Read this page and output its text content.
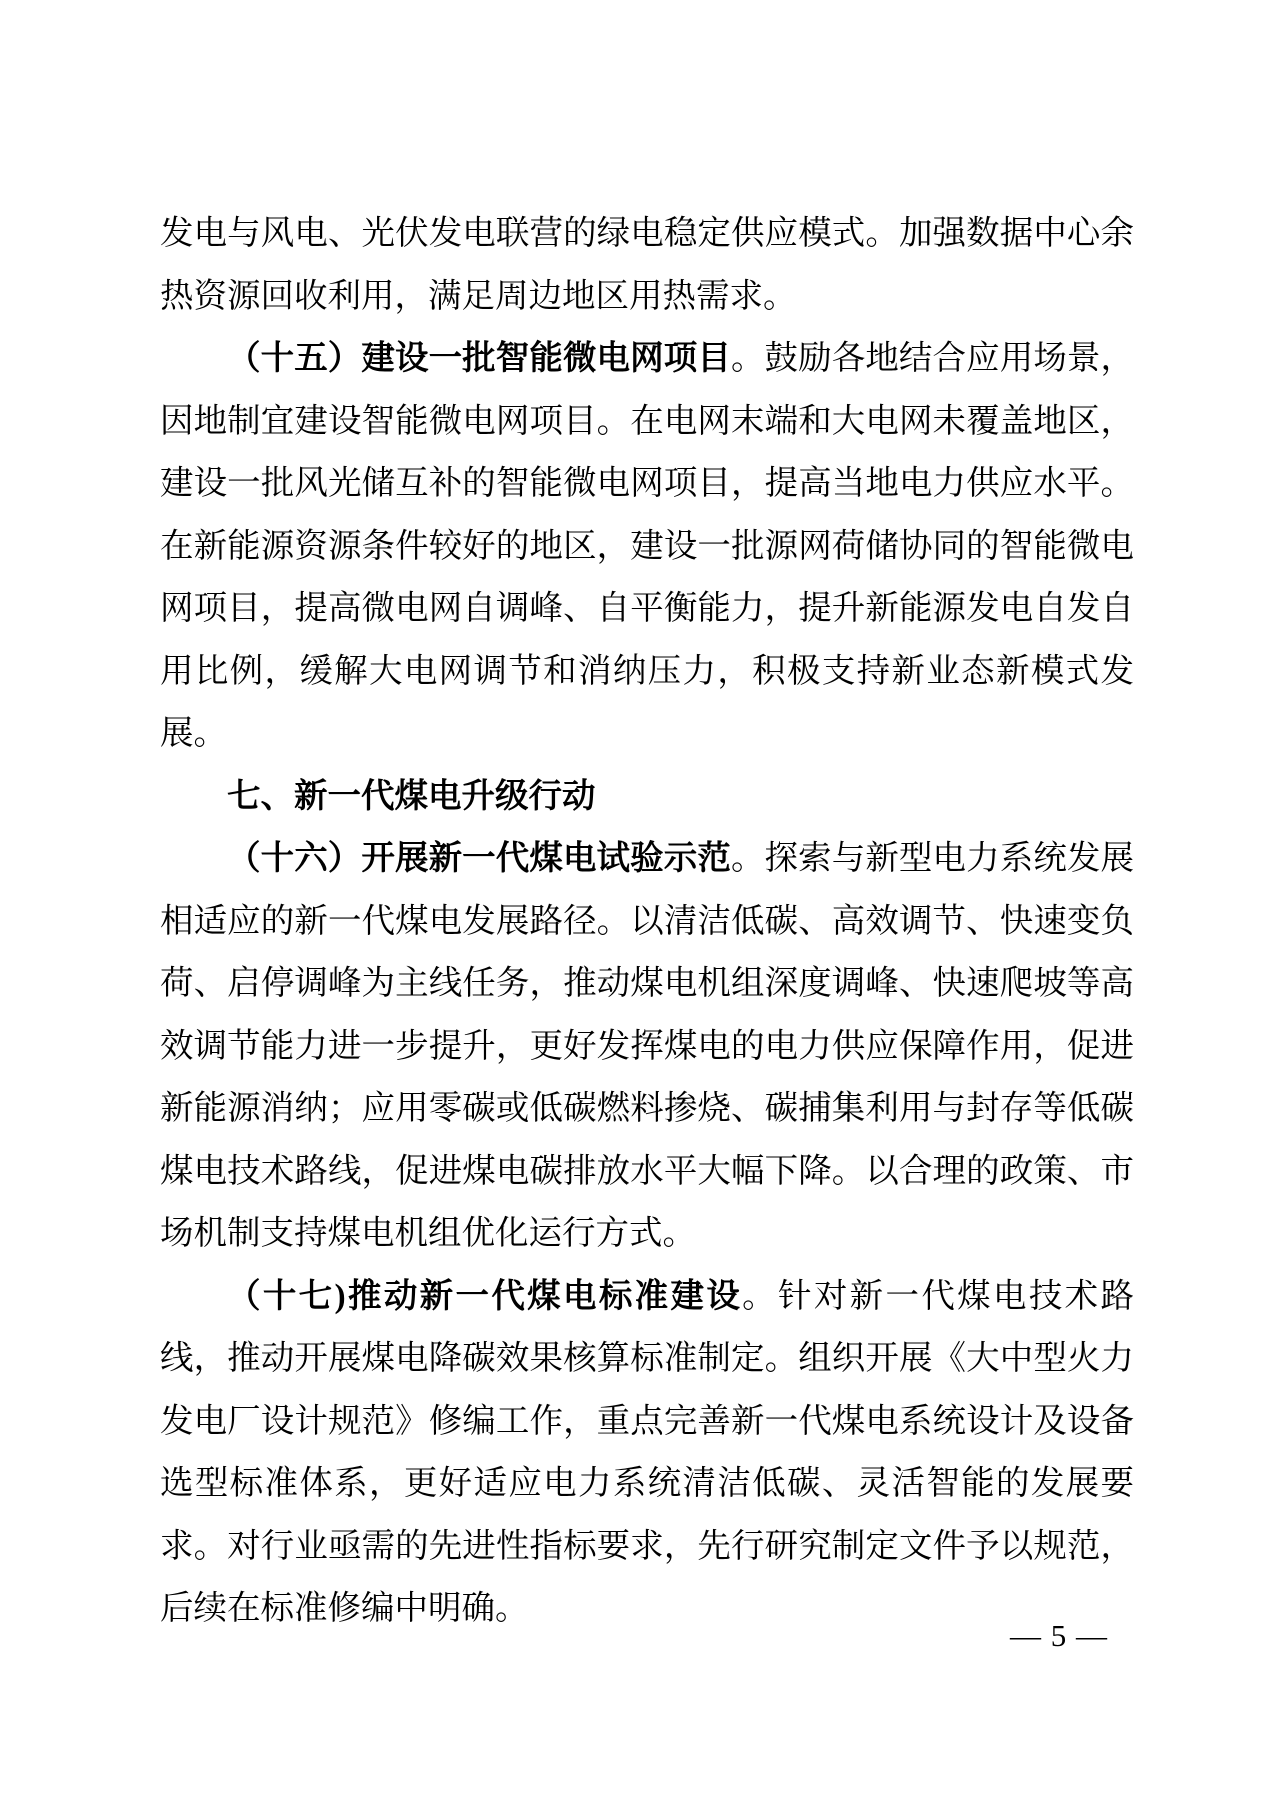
发电与风电、光伏发电联营的绿电稳定供应模式。加强数据中心余热资源回收利用，满足周边地区用热需求。

（十五）建设一批智能微电网项目。鼓励各地结合应用场景，因地制宜建设智能微电网项目。在电网末端和大电网未覆盖地区，建设一批风光储互补的智能微电网项目，提高当地电力供应水平。在新能源资源条件较好的地区，建设一批源网荷储协同的智能微电网项目，提高微电网自调峰、自平衡能力，提升新能源发电自发自用比例，缓解大电网调节和消纳压力，积极支持新业态新模式发展。

七、新一代煤电升级行动

（十六）开展新一代煤电试验示范。探索与新型电力系统发展相适应的新一代煤电发展路径。以清洁低碳、高效调节、快速变负荷、启停调峰为主线任务，推动煤电机组深度调峰、快速爬坡等高效调节能力进一步提升，更好发挥煤电的电力供应保障作用，促进新能源消纳；应用零碳或低碳燃料掺烧、碳捕集利用与封存等低碳煤电技术路线，促进煤电碳排放水平大幅下降。以合理的政策、市场机制支持煤电机组优化运行方式。

（十七)推动新一代煤电标准建设。针对新一代煤电技术路线，推动开展煤电降碳效果核算标准制定。组织开展《大中型火力发电厂设计规范》修编工作，重点完善新一代煤电系统设计及设备选型标准体系，更好适应电力系统清洁低碳、灵活智能的发展要求。对行业亟需的先进性指标要求，先行研究制定文件予以规范，后续在标准修编中明确。

— 5 —
